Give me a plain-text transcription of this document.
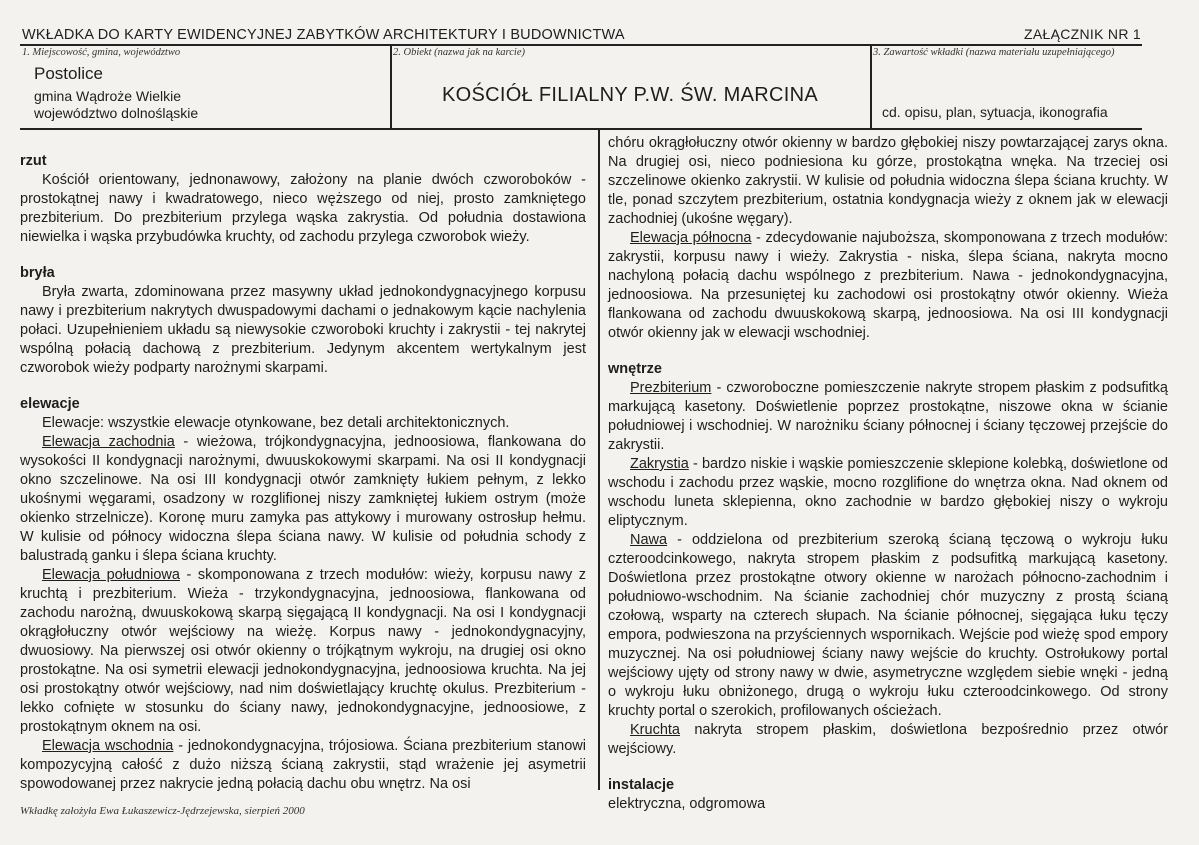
WKŁADKA DO KARTY EWIDENCYJNEJ ZABYTKÓW ARCHITEKTURY I BUDOWNICTWA	ZAŁĄCZNIK NR 1
1. Miejscowość, gmina, województwo
Postolice
gmina Wądroże Wielkie
województwo dolnośląskie
2. Obiekt (nazwa jak na karcie)
KOŚCIÓŁ FILIALNY P.W. ŚW. MARCINA
3. Zawartość wkładki (nazwa materiału uzupełniającego)
cd. opisu, plan, sytuacja, ikonografia
rzut

Kościół orientowany, jednonawowy, założony na planie dwóch czworoboków - prostokątnej nawy i kwadratowego, nieco węższego od niej, prosto zamkniętego prezbiterium. Do prezbiterium przylega wąska zakrystia. Od południa dostawiona niewielka i wąska przybudówka kruchty, od zachodu przylega czworobok wieży.

bryła

Bryła zwarta, zdominowana przez masywny układ jednokondygnacyjnego korpusu nawy i prezbiterium nakrytych dwuspadowymi dachami o jednakowym kącie nachylenia połaci. Uzupełnieniem układu są niewysokie czworoboki kruchty i zakrystii - tej nakrytej wspólną połacią dachową z prezbiterium. Jedynym akcentem wertykalnym jest czworobok wieży podparty narożnymi skarpami.

elewacje

Elewacje: wszystkie elewacje otynkowane, bez detali architektonicznych.

Elewacja zachodnia - wieżowa, trójkondygnacyjna, jednoosiowa, flankowana do wysokości II kondygnacji narożnymi, dwuuskokowymi skarpami. Na osi II kondygnacji okno szczelinowe. Na osi III kondygnacji otwór zamknięty łukiem pełnym, z lekko ukośnymi węgarami, osadzony w rozglifionej niszy zamkniętej łukiem ostrym (może okienko strzelnicze). Koronę muru zamyka pas attykowy i murowany ostrosłup hełmu. W kulisie od północy widoczna ślepa ściana nawy. W kulisie od południa schody z balustradą ganku i ślepa ściana kruchty.

Elewacja południowa - skomponowana z trzech modułów: wieży, korpusu nawy z kruchtą i prezbiterium. Wieża - trzykondygnacyjna, jednoosiowa, flankowana od zachodu narożną, dwuuskokową skarpą sięgającą II kondygnacji. Na osi I kondygnacji okrągłołuczny otwór wejściowy na wieżę. Korpus nawy - jednokondygnacyjny, dwuosiowy. Na pierwszej osi otwór okienny o trójkątnym wykroju, na drugiej osi okno prostokątne. Na osi symetrii elewacji jednokondygnacyjna, jednoosiowa kruchta. Na jej osi prostokątny otwór wejściowy, nad nim doświetlający kruchtę okulus. Prezbiterium - lekko cofnięte w stosunku do ściany nawy, jednokondygnacyjne, jednoosiowe, z prostokątnym oknem na osi.

Elewacja wschodnia - jednokondygnacyjna, trójosiowa. Ściana prezbiterium stanowi kompozycyjną całość z dużo niższą ścianą zakrystii, stąd wrażenie jej asymetrii spowodowanej przez nakrycie jedną połacią dachu obu wnętrz. Na osi

chóru okrągłołuczny otwór okienny w bardzo głębokiej niszy powtarzającej zarys okna. Na drugiej osi, nieco podniesiona ku górze, prostokątna wnęka. Na trzeciej osi szczelinowe okienko zakrystii. W kulisie od południa widoczna ślepa ściana kruchty. W tle, ponad szczytem prezbiterium, ostatnia kondygnacja wieży z oknem jak w elewacji zachodniej (ukośne węgary).

Elewacja północna - zdecydowanie najuboższa, skomponowana z trzech modułów: zakrystii, korpusu nawy i wieży. Zakrystia - niska, ślepa ściana, nakryta mocno nachyloną połacią dachu wspólnego z prezbiterium. Nawa - jednokondygnacyjna, jednoosiowa. Na przesuniętej ku zachodowi osi prostokątny otwór okienny. Wieża flankowana od zachodu dwuuskokową skarpą, jednoosiowa. Na osi III kondygnacji otwór okienny jak w elewacji wschodniej.

wnętrze

Prezbiterium - czworoboczne pomieszczenie nakryte stropem płaskim z podsufitką markującą kasetony. Doświetlenie poprzez prostokątne, niszowe okna w ścianie południowej i wschodniej. W narożniku ściany północnej i ściany tęczowej przejście do zakrystii.

Zakrystia - bardzo niskie i wąskie pomieszczenie sklepione kolebką, doświetlone od wschodu i zachodu przez wąskie, mocno rozglifione do wnętrza okna. Nad oknem od wschodu luneta sklepienna, okno zachodnie w bardzo głębokiej niszy o wykroju eliptycznym.

Nawa - oddzielona od prezbiterium szeroką ścianą tęczową o wykroju łuku czteroodcinkowego, nakryta stropem płaskim z podsufitką markującą kasetony. Doświetlona przez prostokątne otwory okienne w narożach północno-zachodnim i południowo-wschodnim. Na ścianie zachodniej chór muzyczny z prostą ścianą czołową, wsparty na czterech słupach. Na ścianie północnej, sięgająca łuku tęczy empora, podwieszona na przyściennych wspornikach. Wejście pod wieżę spod empory muzycznej. Na osi południowej ściany nawy wejście do kruchty. Ostrołukowy portal wejściowy ujęty od strony nawy w dwie, asymetryczne względem siebie wnęki - jedną o wykroju łuku obniżonego, drugą o wykroju łuku czteroodcinkowego. Od strony kruchty portal o szerokich, profilowanych ościeżach.

Kruchta nakryta stropem płaskim, doświetlona bezpośrednio przez otwór wejściowy.

instalacje

elektryczna, odgromowa

Wkładkę założyła Ewa Łukaszewicz-Jędrzejewska, sierpień 2000
